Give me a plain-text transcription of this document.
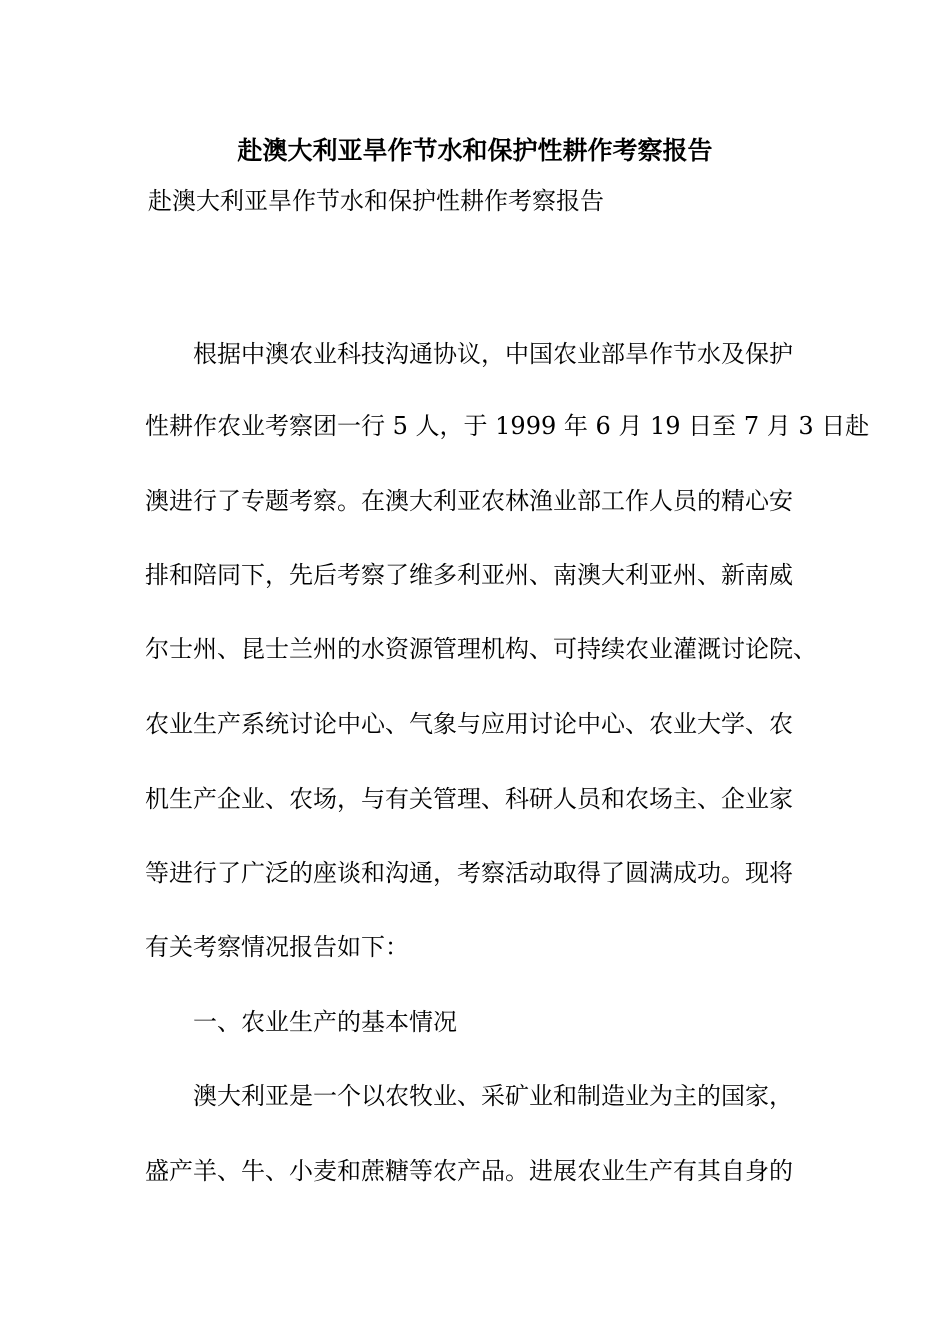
赴澳大利亚旱作节水和保护性耕作考察报告
赴澳大利亚旱作节水和保护性耕作考察报告
根据中澳农业科技沟通协议，中国农业部旱作节水及保护
性耕作农业考察团一行 5 人，于 1999 年 6 月 19 日至 7 月 3 日赴
澳进行了专题考察。在澳大利亚农林渔业部工作人员的精心安
排和陪同下，先后考察了维多利亚州、南澳大利亚州、新南威
尔士州、昆士兰州的水资源管理机构、可持续农业灌溉讨论院、
农业生产系统讨论中心、气象与应用讨论中心、农业大学、农
机生产企业、农场，与有关管理、科研人员和农场主、企业家
等进行了广泛的座谈和沟通，考察活动取得了圆满成功。现将
有关考察情况报告如下：
一、农业生产的基本情况
澳大利亚是一个以农牧业、采矿业和制造业为主的国家，
盛产羊、牛、小麦和蔗糖等农产品。进展农业生产有其自身的
